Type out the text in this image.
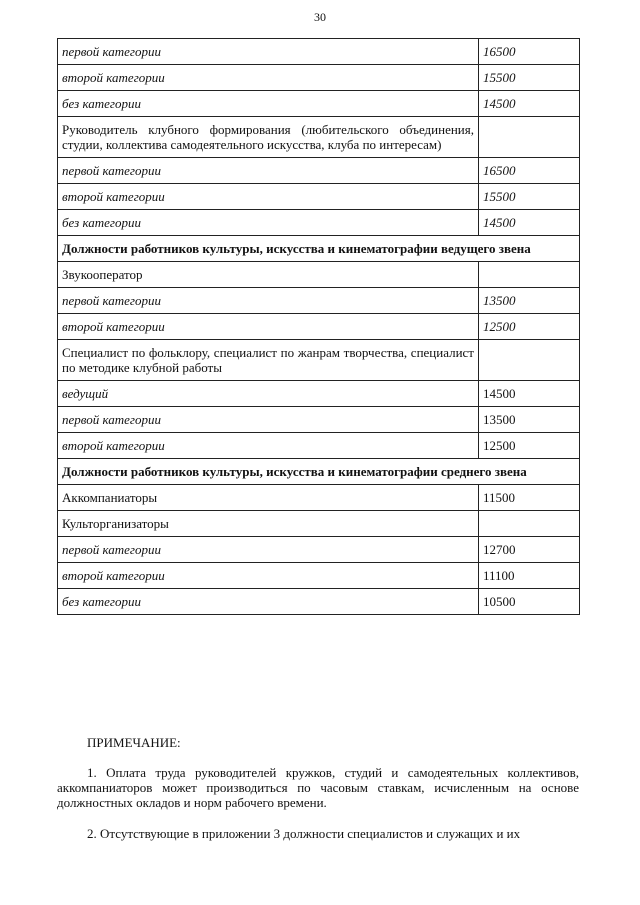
30
первой категории	16500
второй категории	15500
без категории	14500
Руководитель клубного формирования (любительского объединения, студии, коллектива самодеятельного искусства, клуба по интересам)	
первой категории	16500
второй категории	15500
без категории	14500
Должности работников культуры, искусства и кинематографии ведущего звена	
Звукооператор	
первой категории	13500
второй категории	12500
Специалист по фольклору, специалист по жанрам творчества, специалист по методике клубной работы	
ведущий	14500
первой категории	13500
второй категории	12500
Должности работников культуры, искусства и кинематографии среднего звена	
Аккомпаниаторы	11500
Культорганизаторы	
первой категории	12700
второй категории	11100
без категории	10500
ПРИМЕЧАНИЕ:
1. Оплата труда руководителей кружков, студий и самодеятельных коллективов, аккомпаниаторов может производиться по часовым ставкам, исчисленным на основе должностных окладов и норм рабочего времени.
2. Отсутствующие в приложении 3 должности специалистов и служащих и их
